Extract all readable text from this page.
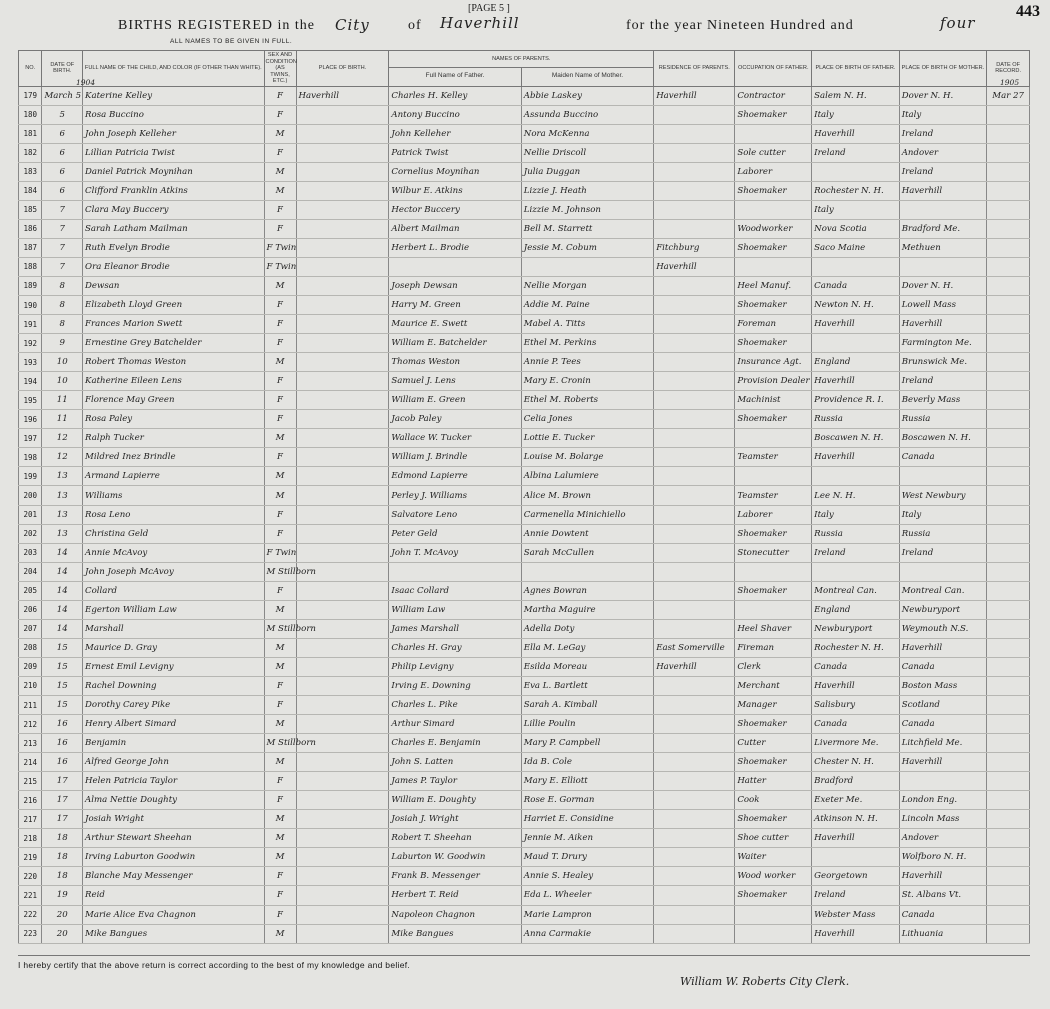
[PAGE 5 ]	443
BIRTHS REGISTERED in the City	of Haverhill	for the year Nineteen Hundred and	four
ALL NAMES TO BE GIVEN IN FULL.
NO.	DATE OF BIRTH.	FULL NAME OF THE CHILD, AND COLOR (IF OTHER THAN WHITE).	SEX AND CONDITION (AS TWINS, ETC.)	PLACE OF BIRTH.	NAMES OF PARENTS.		RESIDENCE OF PARENTS.	OCCUPATION OF FATHER.	PLACE OF BIRTH OF FATHER.	PLACE OF BIRTH OF MOTHER.	DATE OF RECORD.
					Full Name of Father.	Maiden Name of Mother.					
179	March 5	Katerine Kelley	F	Haverhill	Charles H. Kelley	Abbie Laskey	Haverhill	Contractor	Salem N. H.	Dover N. H.	Mar 27
180	5	Rosa Buccino	F		Antony Buccino	Assunda Buccino		Shoemaker	Italy	Italy	
181	6	John Joseph Kelleher	M		John Kelleher	Nora McKenna			Haverhill	Ireland	
182	6	Lillian Patricia Twist	F		Patrick Twist	Nellie Driscoll		Sole cutter	Ireland	Andover	
183	6	Daniel Patrick Moynihan	M		Cornelius Moynihan	Julia Duggan		Laborer		Ireland	
184	6	Clifford Franklin Atkins	M		Wilbur E. Atkins	Lizzie J. Heath		Shoemaker	Rochester N. H.	Haverhill	
185	7	Clara May Buccery	F		Hector Buccery	Lizzie M. Johnson			Italy		
186	7	Sarah Latham Mailman	F		Albert Mailman	Bell M. Starrett		Woodworker	Nova Scotia	Bradford Me.	
187	7	Ruth Evelyn Brodie	F Twin		Herbert L. Brodie	Jessie M. Cobum	Fitchburg	Shoemaker	Saco Maine	Methuen	
188	7	Ora Eleanor Brodie	F Twin				Haverhill				
189	8	Dewsan	M		Joseph Dewsan	Nellie Morgan		Heel Manuf.	Canada	Dover N. H.	
190	8	Elizabeth Lloyd Green	F		Harry M. Green	Addie M. Paine		Shoemaker	Newton N. H.	Lowell Mass	
191	8	Frances Marion Swett	F		Maurice E. Swett	Mabel A. Titts		Foreman	Haverhill	Haverhill	
192	9	Ernestine Grey Batchelder	F		William E. Batchelder	Ethel M. Perkins		Shoemaker		Farmington Me.	
193	10	Robert Thomas Weston	M		Thomas Weston	Annie P. Tees		Insurance Agt.	England	Brunswick Me.	
194	10	Katherine Eileen Lens	F		Samuel J. Lens	Mary E. Cronin		Provision Dealer	Haverhill	Ireland	
195	11	Florence May Green	F		William E. Green	Ethel M. Roberts		Machinist	Providence R. I.	Beverly Mass	
196	11	Rosa Paley	F		Jacob Paley	Celia Jones		Shoemaker	Russia	Russia	
197	12	Ralph Tucker	M		Wallace W. Tucker	Lottie E. Tucker			Boscawen N. H.	Boscawen N. H.	
198	12	Mildred Inez Brindle	F		William J. Brindle	Louise M. Bolarge		Teamster	Haverhill	Canada	
199	13	Armand Lapierre	M		Edmond Lapierre	Albina Lalumiere					
200	13	Williams	M		Perley J. Williams	Alice M. Brown		Teamster	Lee N. H.	West Newbury	
201	13	Rosa Leno	F		Salvatore Leno	Carmenella Minichiello		Laborer	Italy	Italy	
202	13	Christina Geld	F		Peter Geld	Annie Dowtent		Shoemaker	Russia	Russia	
203	14	Annie McAvoy	F Twin		John T. McAvoy	Sarah McCullen		Stonecutter	Ireland	Ireland	
204	14	John Joseph McAvoy	M Stillborn								
205	14	Collard	F		Isaac Collard	Agnes Bowran		Shoemaker	Montreal Can.	Montreal Can.	
206	14	Egerton William Law	M		William Law	Martha Maguire			England	Newburyport	
207	14	Marshall	M Stillborn		James Marshall	Adella Doty		Heel Shaver	Newburyport	Weymouth N.S.	
208	15	Maurice D. Gray	M		Charles H. Gray	Ella M. LeGay	East Somerville	Fireman	Rochester N. H.	Haverhill	
209	15	Ernest Emil Levigny	M		Philip Levigny	Esilda Moreau	Haverhill	Clerk	Canada	Canada	
210	15	Rachel Downing	F		Irving E. Downing	Eva L. Bartlett		Merchant	Haverhill	Boston Mass	
211	15	Dorothy Carey Pike	F		Charles L. Pike	Sarah A. Kimball		Manager	Salisbury	Scotland	
212	16	Henry Albert Simard	M		Arthur Simard	Lillie Poulin		Shoemaker	Canada	Canada	
213	16	Benjamin	M Stillborn		Charles E. Benjamin	Mary P. Campbell		Cutter	Livermore Me.	Litchfield Me.	
214	16	Alfred George John	M		John S. Latten	Ida B. Cole		Shoemaker	Chester N. H.	Haverhill	
215	17	Helen Patricia Taylor	F		James P. Taylor	Mary E. Elliott		Hatter	Bradford		
216	17	Alma Nettie Doughty	F		William E. Doughty	Rose E. Gorman		Cook	Exeter Me.	London Eng.	
217	17	Josiah Wright	M		Josiah J. Wright	Harriet E. Considine		Shoemaker	Atkinson N. H.	Lincoln Mass	
218	18	Arthur Stewart Sheehan	M		Robert T. Sheehan	Jennie M. Aiken		Shoe cutter	Haverhill	Andover	
219	18	Irving Laburton Goodwin	M		Laburton W. Goodwin	Maud T. Drury		Waiter		Wolfboro N. H.	
220	18	Blanche May Messenger	F		Frank B. Messenger	Annie S. Healey		Wood worker	Georgetown	Haverhill	
221	19	Reid	F		Herbert T. Reid	Eda L. Wheeler		Shoemaker	Ireland	St. Albans Vt.	
222	20	Marie Alice Eva Chagnon	F		Napoleon Chagnon	Marie Lampron			Webster Mass	Canada	
223	20	Mike Bangues	M		Mike Bangues	Anna Carmakie			Haverhill	Lithuania	
1904	1905
I hereby certify that the above return is correct according to the best of my knowledge and belief.
William W. Roberts City Clerk.
